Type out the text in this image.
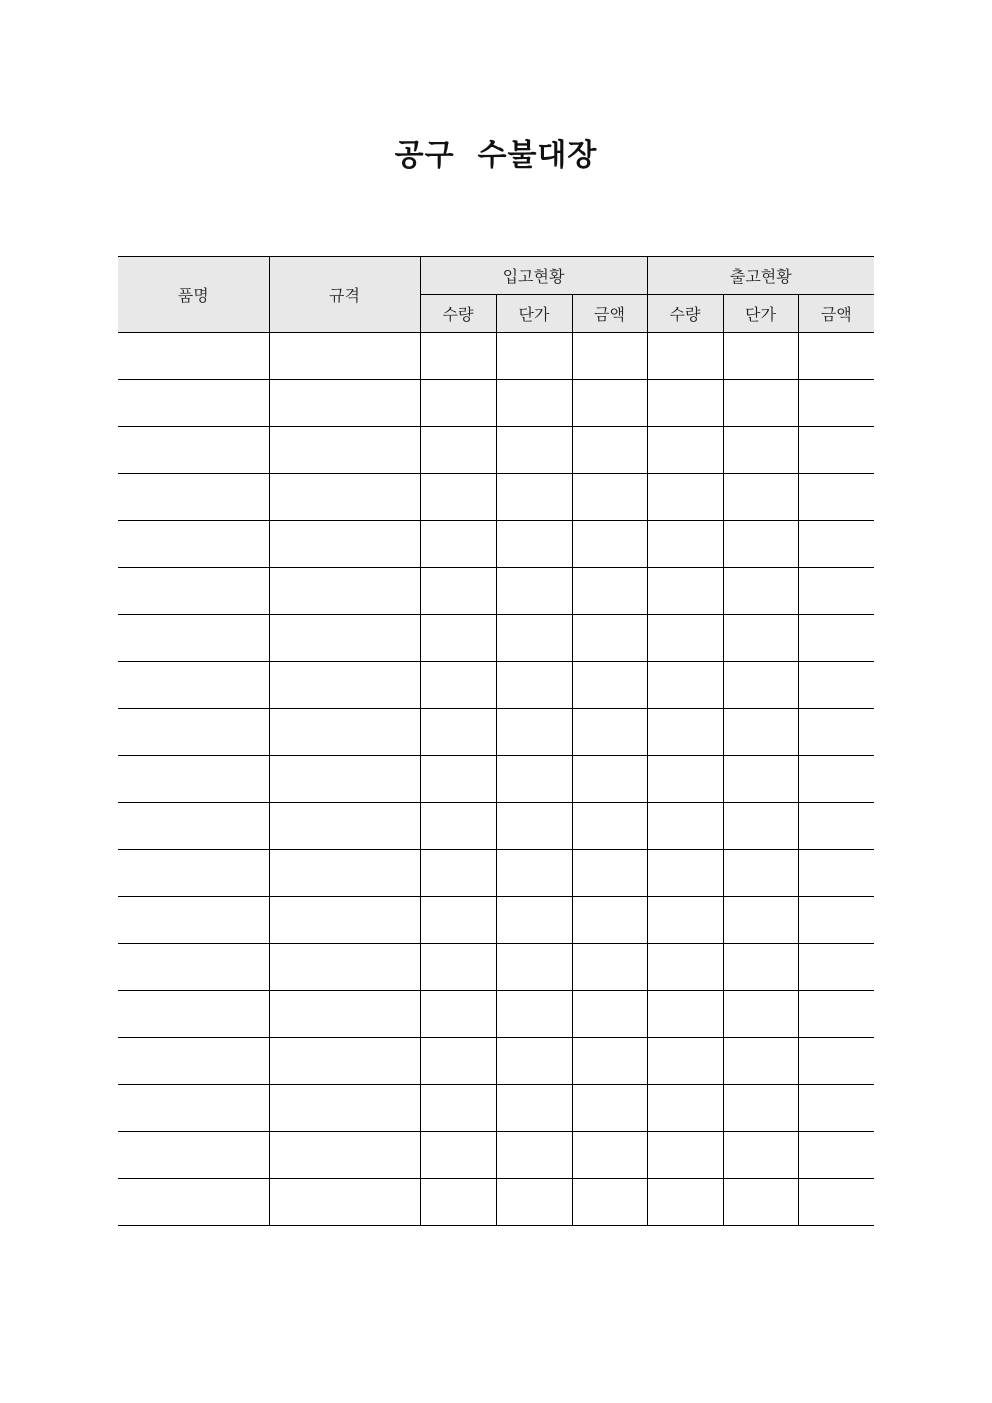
공구  수불대장
품명	규격	입고현황			출고현황		
		수량	단가	금액	수량	단가	금액
